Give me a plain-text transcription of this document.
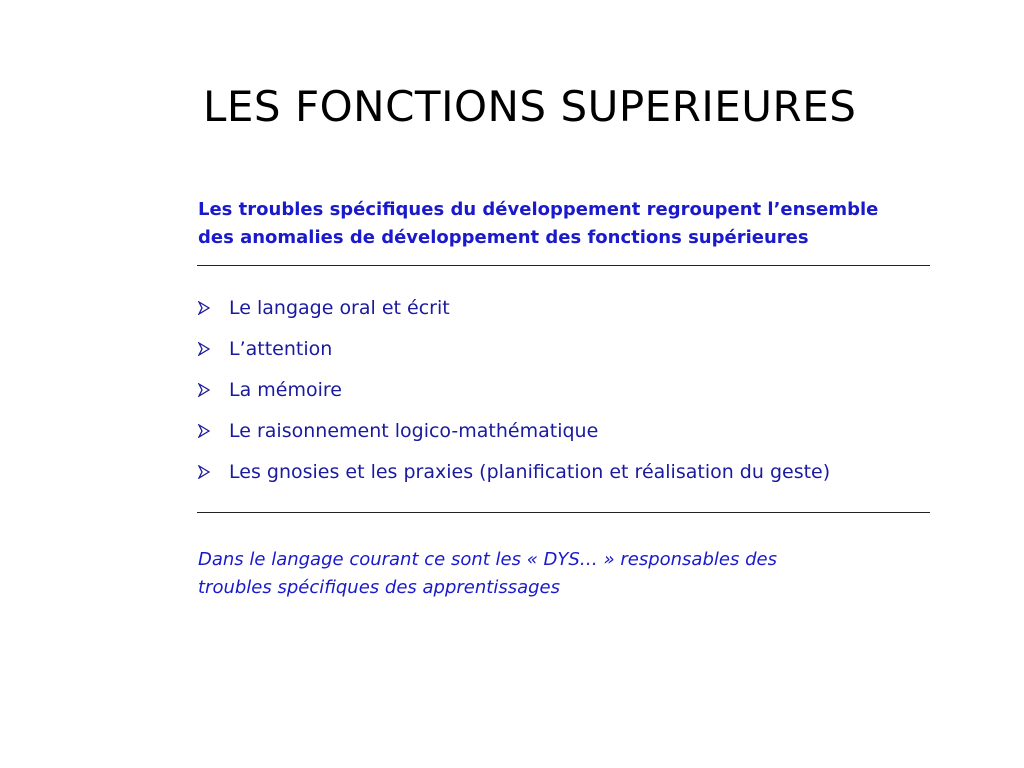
LES FONCTIONS SUPERIEURES
Les troubles spécifiques du développement regroupent l’ensemble
des anomalies de développement des fonctions supérieures
Le langage oral et écrit
L’attention
La mémoire
Le raisonnement logico-mathématique
Les gnosies et les praxies (planification et réalisation du geste)
Dans le langage courant ce sont les « DYS… » responsables des
troubles spécifiques des apprentissages
